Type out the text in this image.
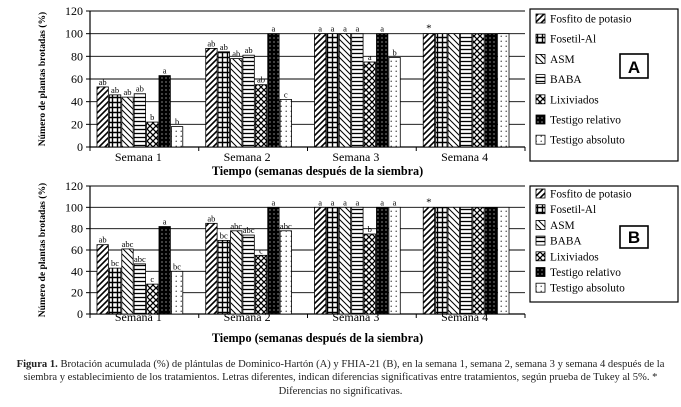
0
20
40
60
80
100
120
ab
ab ab ab
b
a
b
Semana 1
ab ab
ab ab
ab
a
c
Semana 2
a a a a
a
a
b
Semana 3
*
Semana 4
Tiempo (semanas después de la siembra)
Número de plantas brotadas (%)	Fosfito de potasio
Fosetil-Al
ASM
BABA
Lixiviados
Testigo relativo
Testigo absoluto
A
0
20
40
60
80
100
120
ab
bc
abc
abc
c
a
bc
Semana 1
ab
bc
abc abc
c
a
abc
Semana 2
a a a a
b
a a
Semana 3
*
Semana 4
Tiempo (semanas después de la siembra)
Número de plantas brotadas (%)	Fosfito de potasio
Fosetil-Al
ASM
BABA
Lixiviados
Testigo relativo
Testigo absoluto
B
Figura 1. Brotación acumulada (%) de plántulas de Dominico-Hartón (A) y FHIA-21 (B), en la semana 1, semana 2, semana 3 y semana 4 después de la siembra y establecimiento de los tratamientos. Letras diferentes, indican diferencias significativas entre tratamientos, según prueba de Tukey al 5%. * Diferencias no significativas.
